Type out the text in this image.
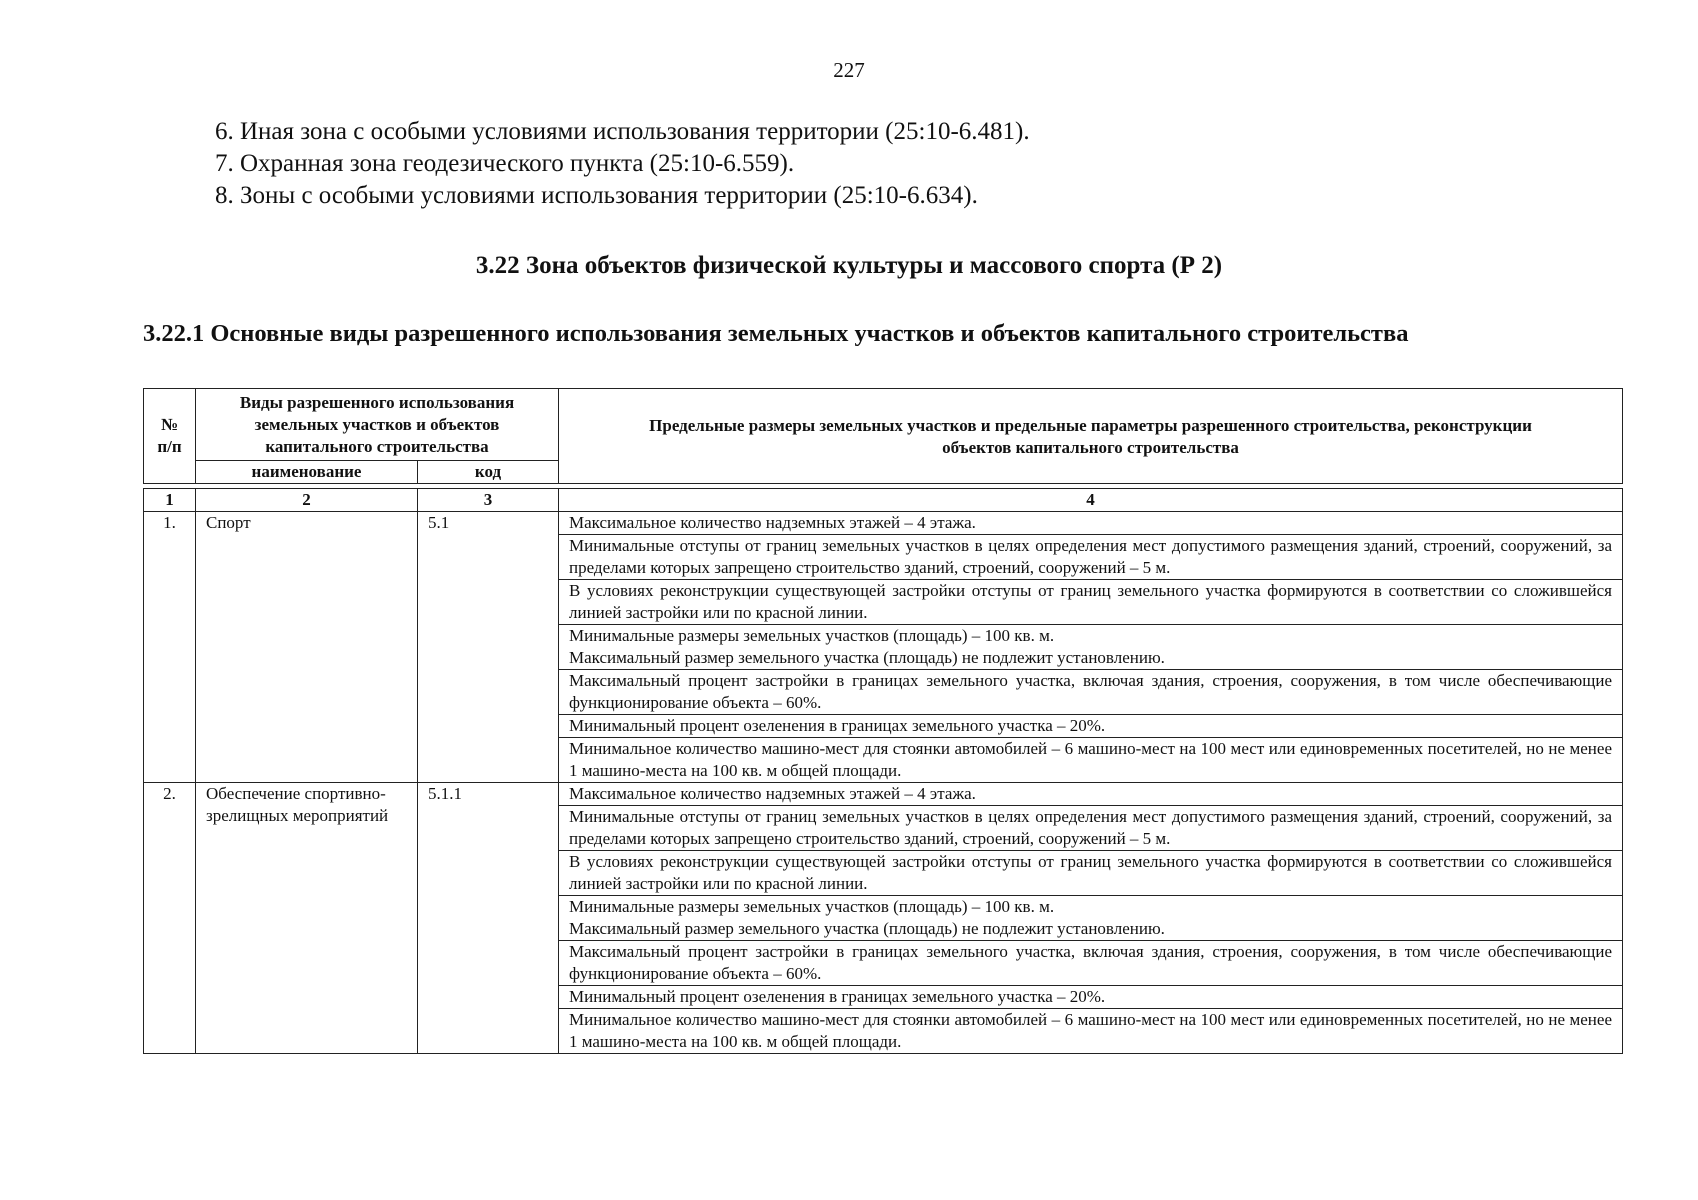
227
6. Иная зона с особыми условиями использования территории (25:10-6.481).
7. Охранная зона геодезического пункта (25:10-6.559).
8. Зоны с особыми условиями использования территории (25:10-6.634).
3.22 Зона объектов физической культуры и массового спорта (Р 2)
3.22.1 Основные виды разрешенного использования земельных участков и объектов капитального строительства
№ п/п	Виды разрешенного использования земельных участков и объектов капитального строительства		Предельные размеры земельных участков и предельные параметры разрешенного строительства, реконструкции объектов капитального строительства
	наименование	код	
1	2	3	4
1.	Спорт	5.1	Максимальное количество надземных этажей – 4 этажа.
			Минимальные отступы от границ земельных участков в целях определения мест допустимого размещения зданий, строений, сооружений, за пределами которых запрещено строительство зданий, строений, сооружений – 5 м.
			В условиях реконструкции существующей застройки отступы от границ земельного участка формируются в соответствии со сложившейся линией застройки или по красной линии.

			Минимальные размеры земельных участков (площадь) – 100 кв. м.
Максимальный размер земельного участка (площадь) не подлежит установлению.

			Максимальный процент застройки в границах земельного участка, включая здания, строения, сооружения, в том числе обеспечивающие функционирование объекта – 60%.
			Минимальный процент озеленения в границах земельного участка – 20%.
			Минимальное количество машино-мест для стоянки автомобилей – 6 машино-мест на 100 мест или единовременных посетителей, но не менее 1 машино-места на 100 кв. м общей площади.
2.	Обеспечение спортивно-зрелищных мероприятий	5.1.1	Максимальное количество надземных этажей – 4 этажа.
			Минимальные отступы от границ земельных участков в целях определения мест допустимого размещения зданий, строений, сооружений, за пределами которых запрещено строительство зданий, строений, сооружений – 5 м.
			В условиях реконструкции существующей застройки отступы от границ земельного участка формируются в соответствии со сложившейся линией застройки или по красной линии.

			Минимальные размеры земельных участков (площадь) – 100 кв. м.
Максимальный размер земельного участка (площадь) не подлежит установлению.

			Максимальный процент застройки в границах земельного участка, включая здания, строения, сооружения, в том числе обеспечивающие функционирование объекта – 60%.
			Минимальный процент озеленения в границах земельного участка – 20%.
			Минимальное количество машино-мест для стоянки автомобилей – 6 машино-мест на 100 мест или единовременных посетителей, но не менее 1 машино-места на 100 кв. м общей площади.
